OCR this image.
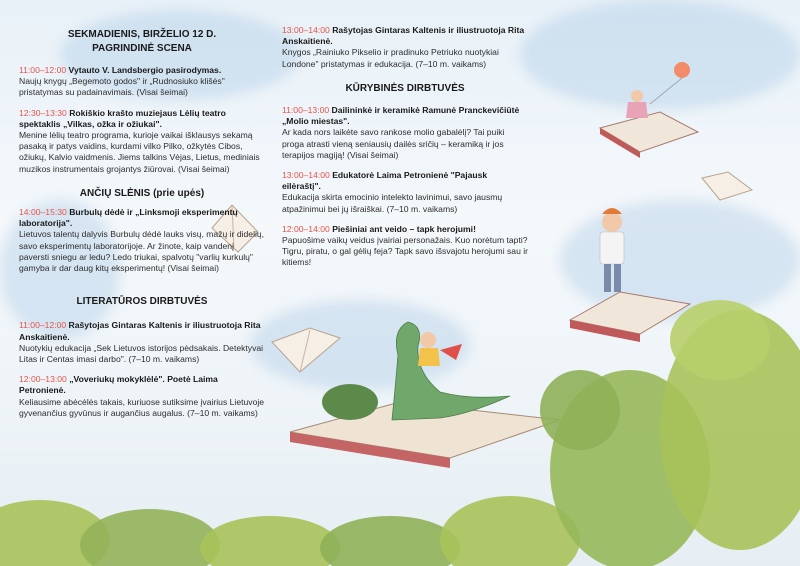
SEKMADIENIS, BIRŽELIO 12 D.
PAGRINDINĖ SCENA

11:00–12:00 Vytauto V. Landsbergio pasirodymas.
Naujų knygų „Begemoto godos" ir „Rudnosiuko klišės" pristatymas su padainavimais. (Visai šeimai)

12:30–13:30 Rokiškio krašto muziejaus Lėlių teatro spektaklis „Vilkas, ožka ir ožiukai".
Menine lėlių teatro programa, kurioje vaikai išklausys sekamą pasaką ir patys vaidins, kurdami vilko Pilko, ožkytės Cibos, ožiukų, Kalvio vaidmenis. Jiems talkins Vėjas, Lietus, mediniais muzikos instrumentais grojantys žiūrovai. (Visai šeimai)

ANČIŲ SLĖNIS (prie upės)

14:00–15:30 Burbulų dėdė ir „Linksmoji eksperimentų laboratorija".
Lietuvos talentų dalyvis Burbulų dėdė lauks visų, mažų ir didelių, savo eksperimentų laboratorijoje. Ar žinote, kaip vandenį paversti sniegu ar ledu? Ledo triukai, spalvotų "varlių kurkulų" gamyba ir dar daug kitų eksperimentų! (Visai šeimai)

LITERATŪROS DIRBTUVĖS

11:00–12:00 Rašytojas Gintaras Kaltenis ir iliustruotoja Rita Anskaitienė.
Nuotykių edukacija „Sek Lietuvos istorijos pėdsakais. Detektyvai Litas ir Centas imasi darbo". (7–10 m. vaikams)

12:00–13:00 „Voveriukų mokyklėlė". Poetė Laima Petronienė.
Keliausime abėcėlės takais, kuriuose sutiksime įvairius Lietuvoje gyvenančius gyvūnus ir augančius augalus. (7–10 m. vaikams)

13:00–14:00 Rašytojas Gintaras Kaltenis ir iliustruotoja Rita Anskaitienė.
Knygos „Rainiuko Pikselio ir pradinuko Petriuko nuotykiai Londone" pristatymas ir edukacija. (7–10 m. vaikams)

KŪRYBINĖS DIRBTUVĖS

11:00–13:00 Dailininkė ir keramikė Ramunė Pranckevičiūtė „Molio miestas".
Ar kada nors laikėte savo rankose molio gabalėlį? Tai puiki proga atrasti vieną seniausių dailės sričių – keramiką ir jos terapijos magiją! (Visai šeimai)

13:00–14:00 Edukatorė Laima Petronienė "Pajausk eilėraštį".
Edukacija skirta emocinio intelekto lavinimui, savo jausmų atpažinimui bei jų išraiškai. (7–10 m. vaikams)

12:00–14:00 Piešiniai ant veido – tapk herojumi!
Papuošime vaikų veidus įvairiai personažais. Kuo norėtum tapti? Tigru, piratu, o gal gėlių feja? Tapk savo išsvajotu herojumi sau ir kitiems!
